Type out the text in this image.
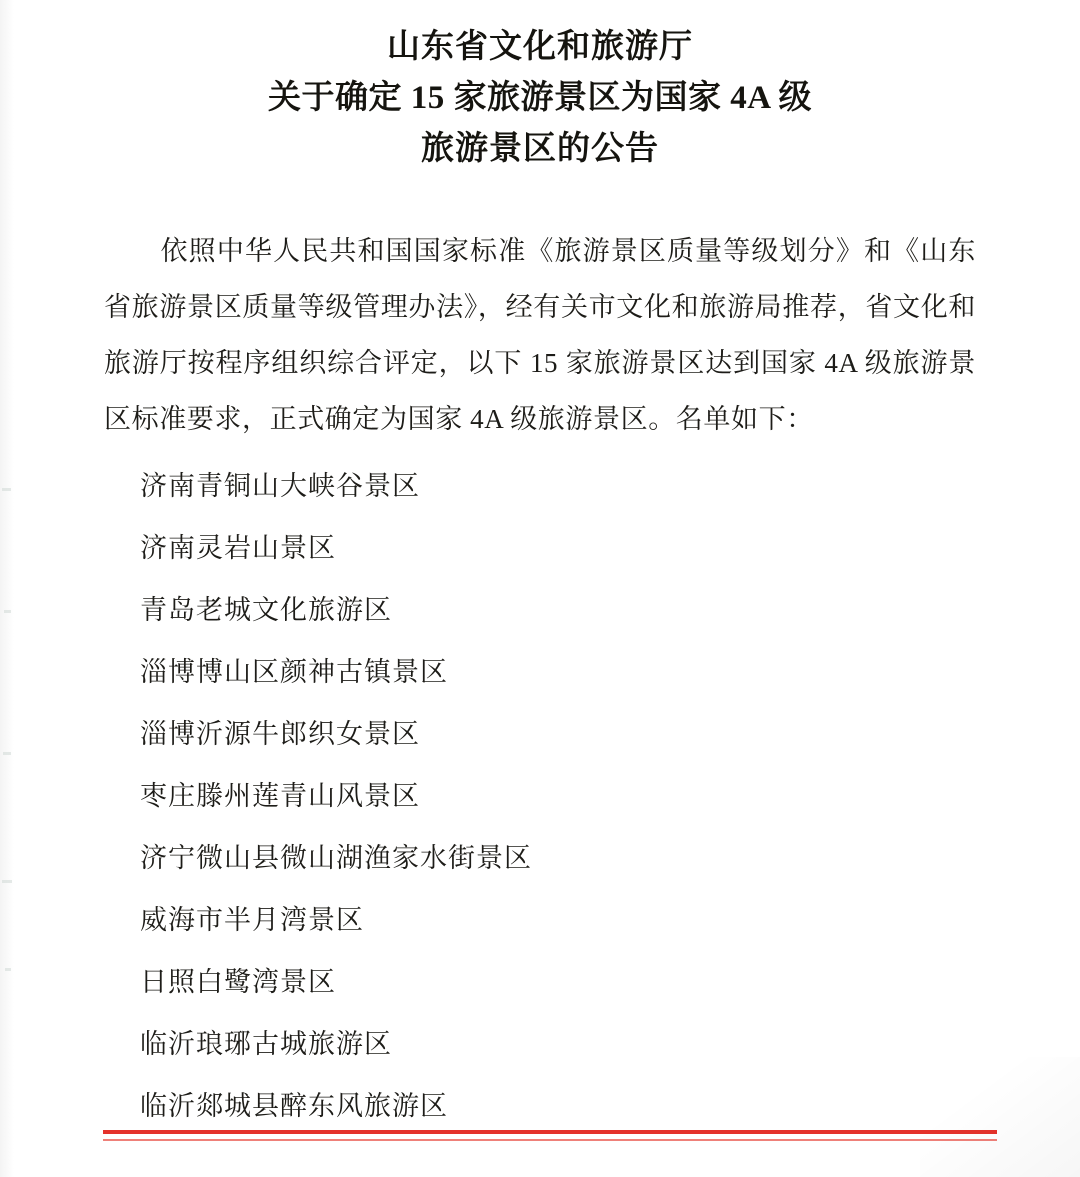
山东省文化和旅游厅
关于确定 15 家旅游景区为国家 4A 级
旅游景区的公告
依照中华人民共和国国家标准《旅游景区质量等级划分》和《山东省旅游景区质量等级管理办法》，经有关市文化和旅游局推荐，省文化和旅游厅按程序组织综合评定，以下 15 家旅游景区达到国家 4A 级旅游景区标准要求，正式确定为国家 4A 级旅游景区。名单如下：
济南青铜山大峡谷景区
济南灵岩山景区
青岛老城文化旅游区
淄博博山区颜神古镇景区
淄博沂源牛郎织女景区
枣庄滕州莲青山风景区
济宁微山县微山湖渔家水街景区
威海市半月湾景区
日照白鹭湾景区
临沂琅琊古城旅游区
临沂郯城县醉东风旅游区
